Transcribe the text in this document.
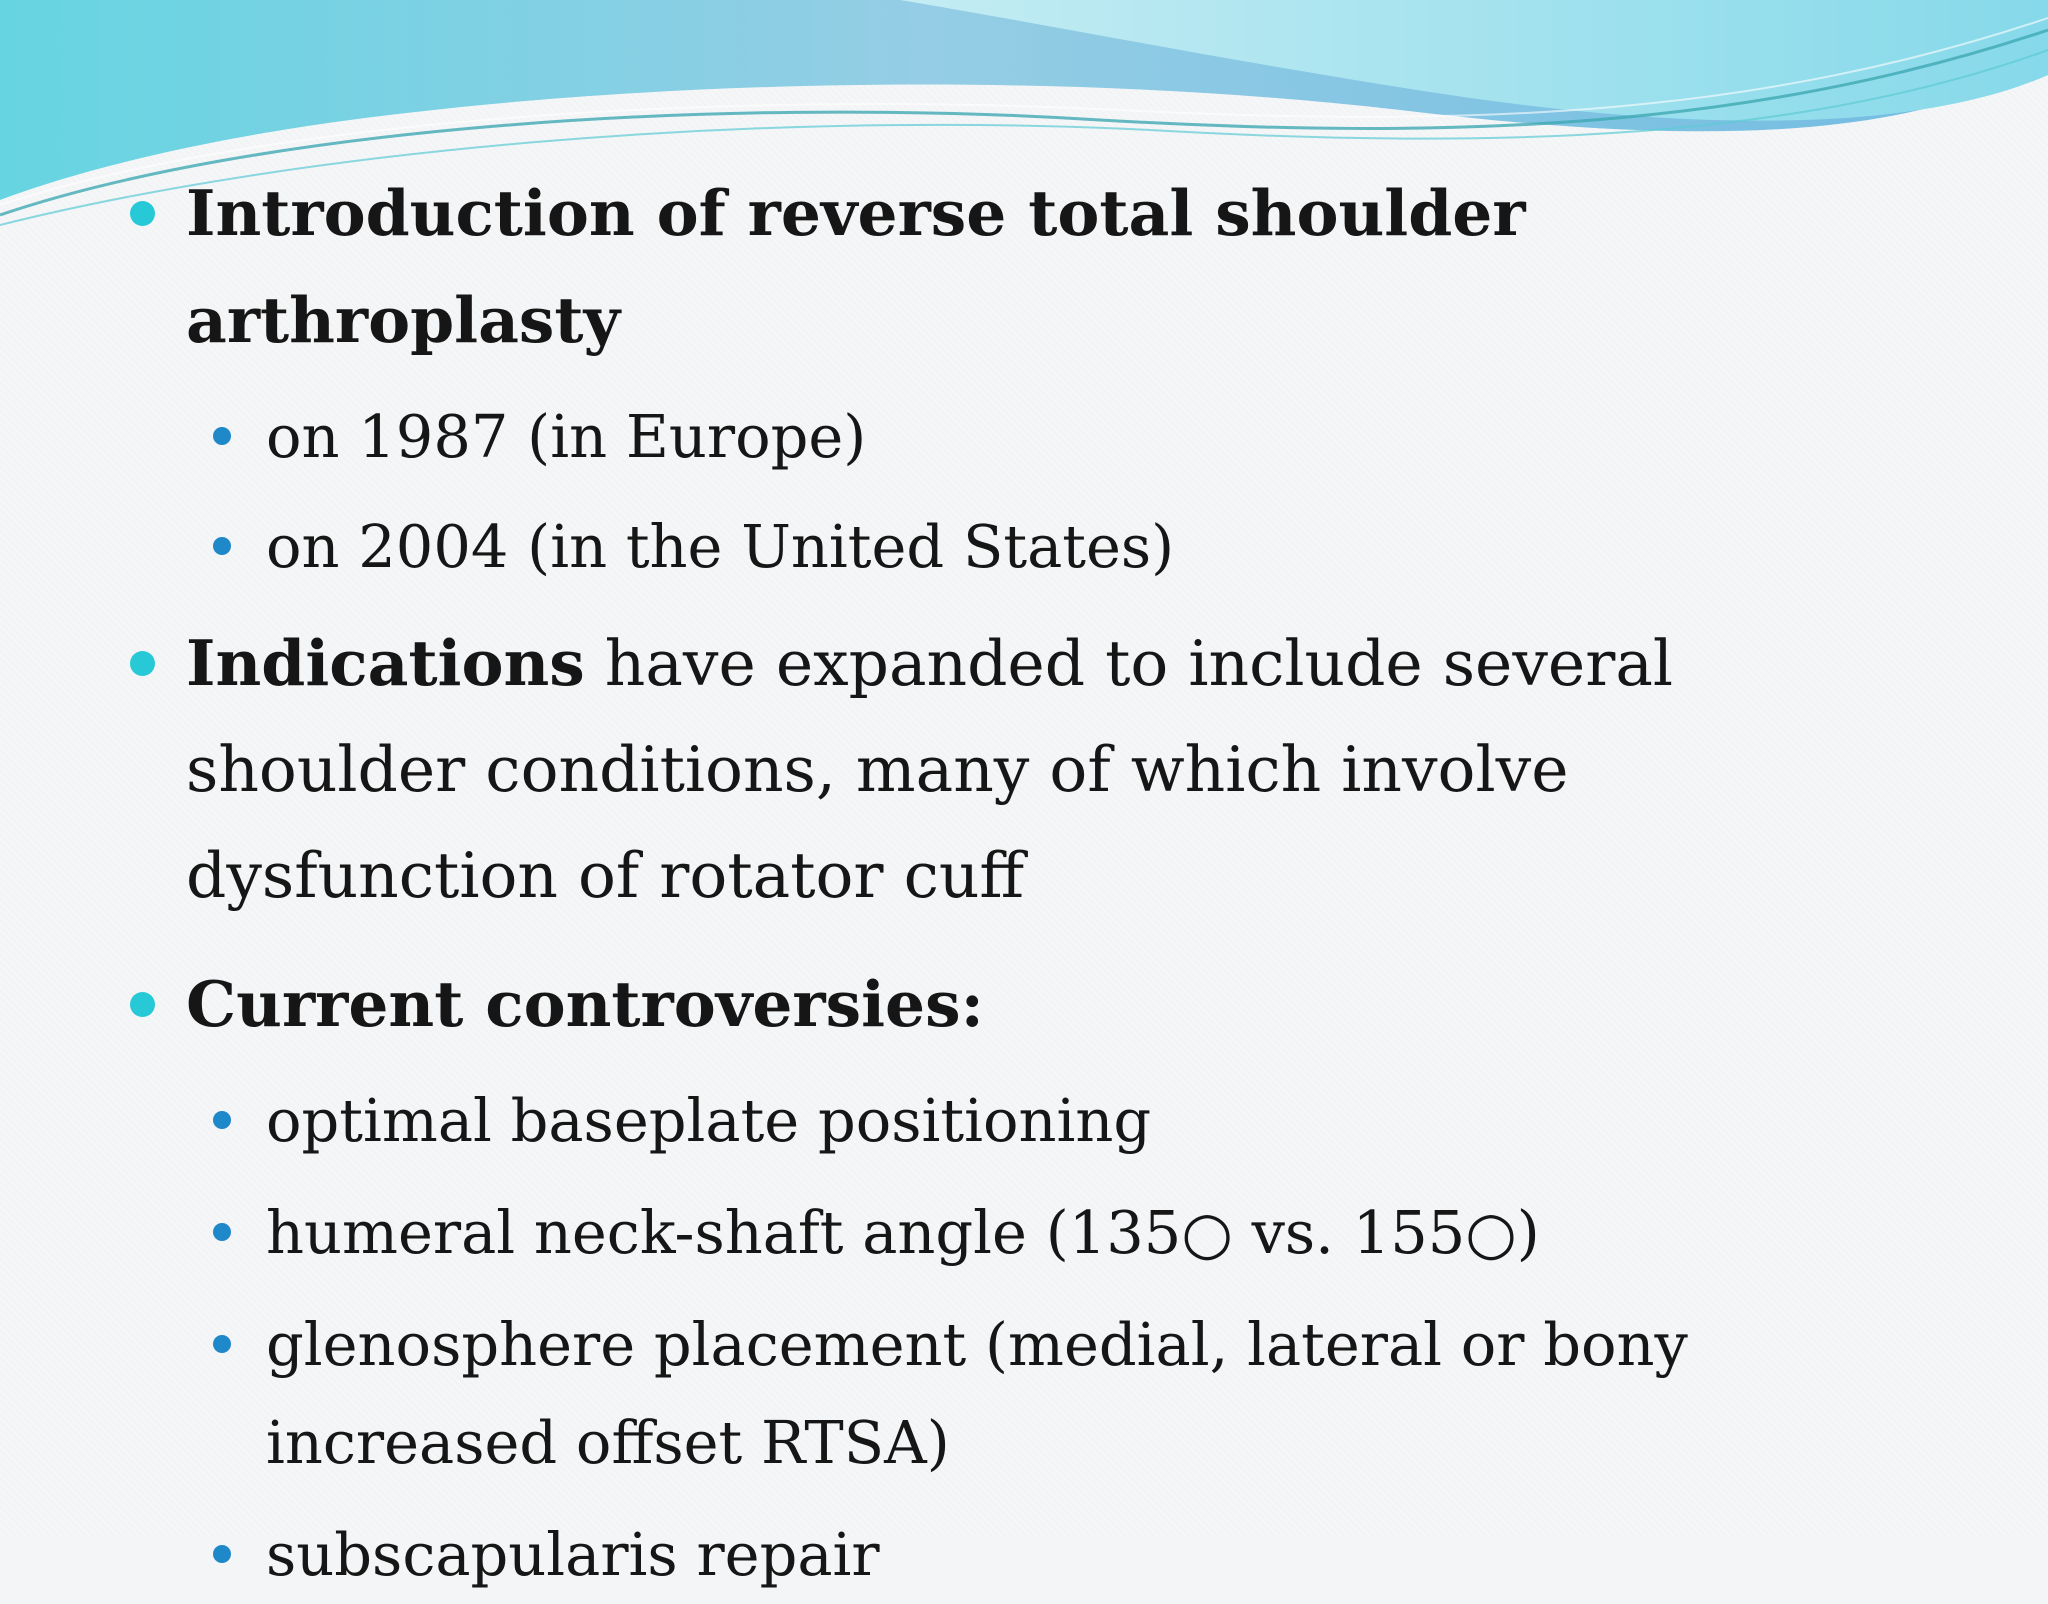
Introduction of reverse total shoulder arthroplasty
on 1987 (in Europe)
on 2004 (in the United States)
Indications have expanded to include several shoulder conditions, many of which involve dysfunction of rotator cuff
Current controversies:
optimal baseplate positioning
humeral neck-shaft angle (135○ vs. 155○)
glenosphere placement (medial, lateral or bony increased offset RTSA)
subscapularis repair
